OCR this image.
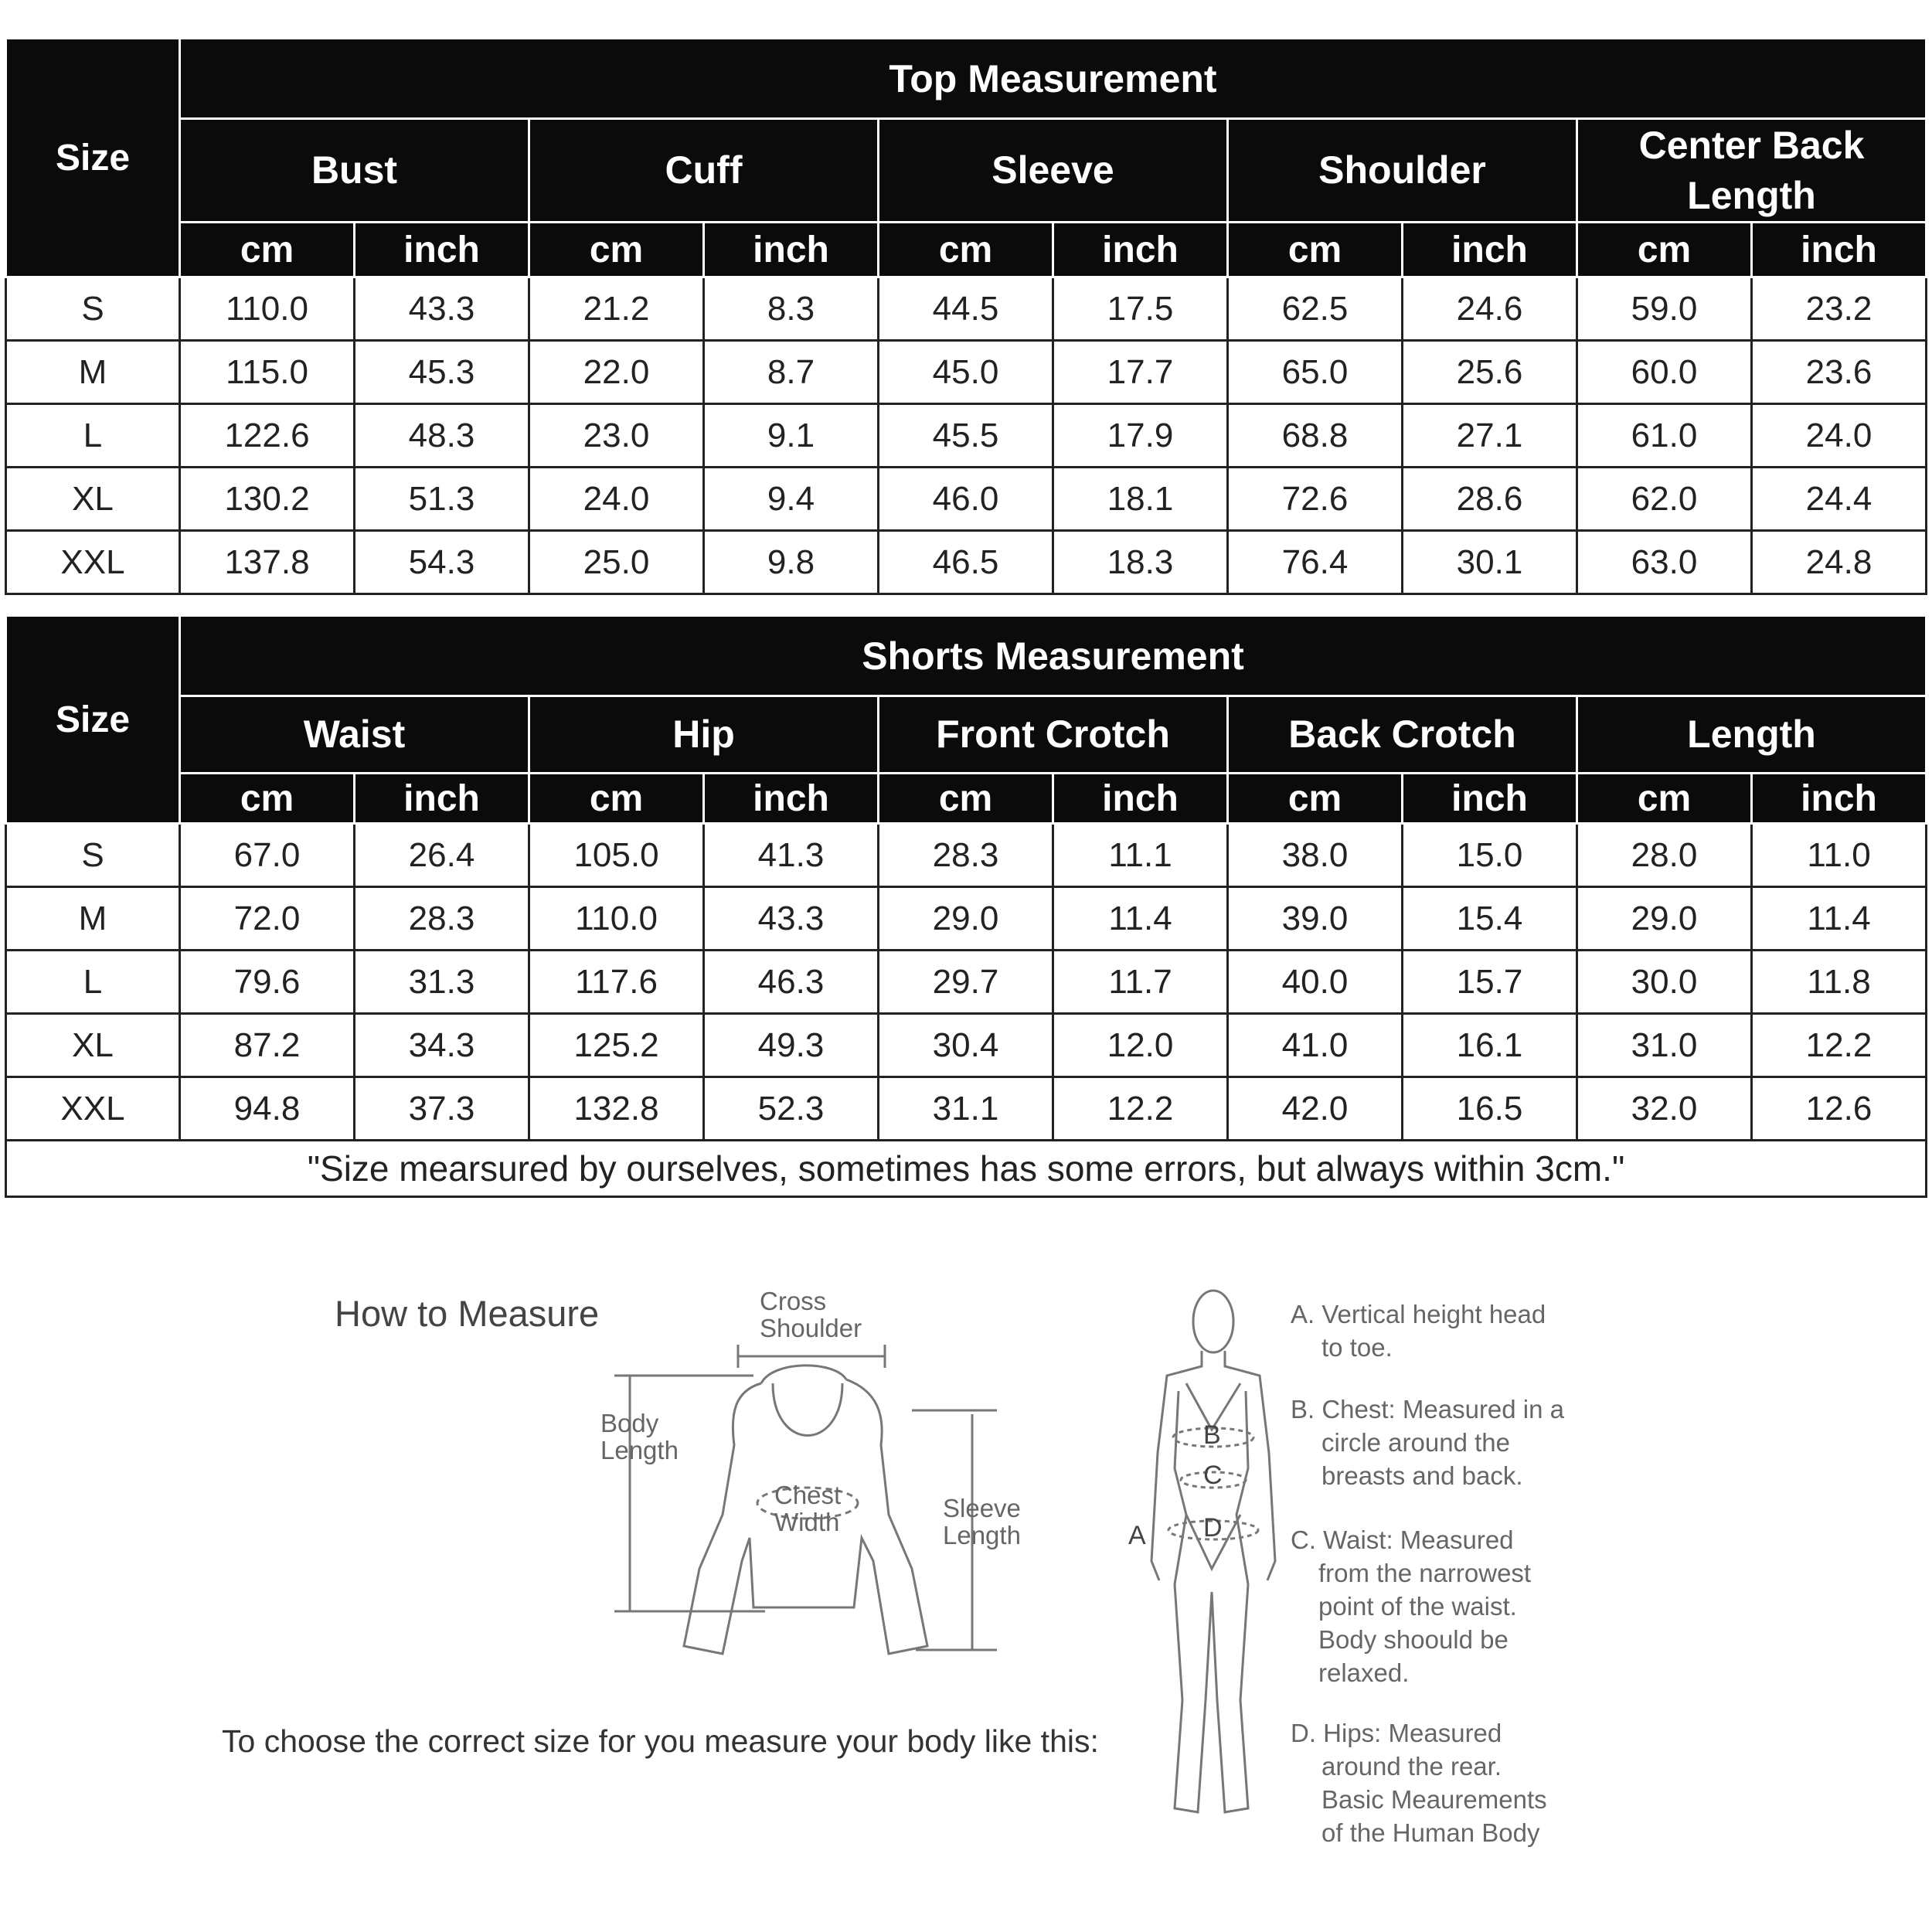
Size	Top Measurement									
	Bust		Cuff		Sleeve		Shoulder		Center Back Length	
	cm	inch	cm	inch	cm	inch	cm	inch	cm	inch
S	110.0	43.3	21.2	8.3	44.5	17.5	62.5	24.6	59.0	23.2
M	115.0	45.3	22.0	8.7	45.0	17.7	65.0	25.6	60.0	23.6
L	122.6	48.3	23.0	9.1	45.5	17.9	68.8	27.1	61.0	24.0
XL	130.2	51.3	24.0	9.4	46.0	18.1	72.6	28.6	62.0	24.4
XXL	137.8	54.3	25.0	9.8	46.5	18.3	76.4	30.1	63.0	24.8
Size	Shorts Measurement									
	Waist		Hip		Front Crotch		Back Crotch		Length	
	cm	inch	cm	inch	cm	inch	cm	inch	cm	inch
S	67.0	26.4	105.0	41.3	28.3	11.1	38.0	15.0	28.0	11.0
M	72.0	28.3	110.0	43.3	29.0	11.4	39.0	15.4	29.0	11.4
L	79.6	31.3	117.6	46.3	29.7	11.7	40.0	15.7	30.0	11.8
XL	87.2	34.3	125.2	49.3	30.4	12.0	41.0	16.1	31.0	12.2
XXL	94.8	37.3	132.8	52.3	31.1	12.2	42.0	16.5	32.0	12.6
"Size mearsured by ourselves, sometimes has some errors, but always within 3cm."										
How to Measure
To choose the correct size for you measure your body like this:
Cross
Shoulder
Body
Length
Chest
Width	Sleeve
Length	A
B
C
D
A. Vertical height head
to toe.
B. Chest: Measured in a
circle around the
breasts and back.
C. Waist: Measured
from the narrowest
point of the waist.
Body shoould be
relaxed.
D. Hips: Measured
around the rear.
Basic Meaurements
of the Human Body
